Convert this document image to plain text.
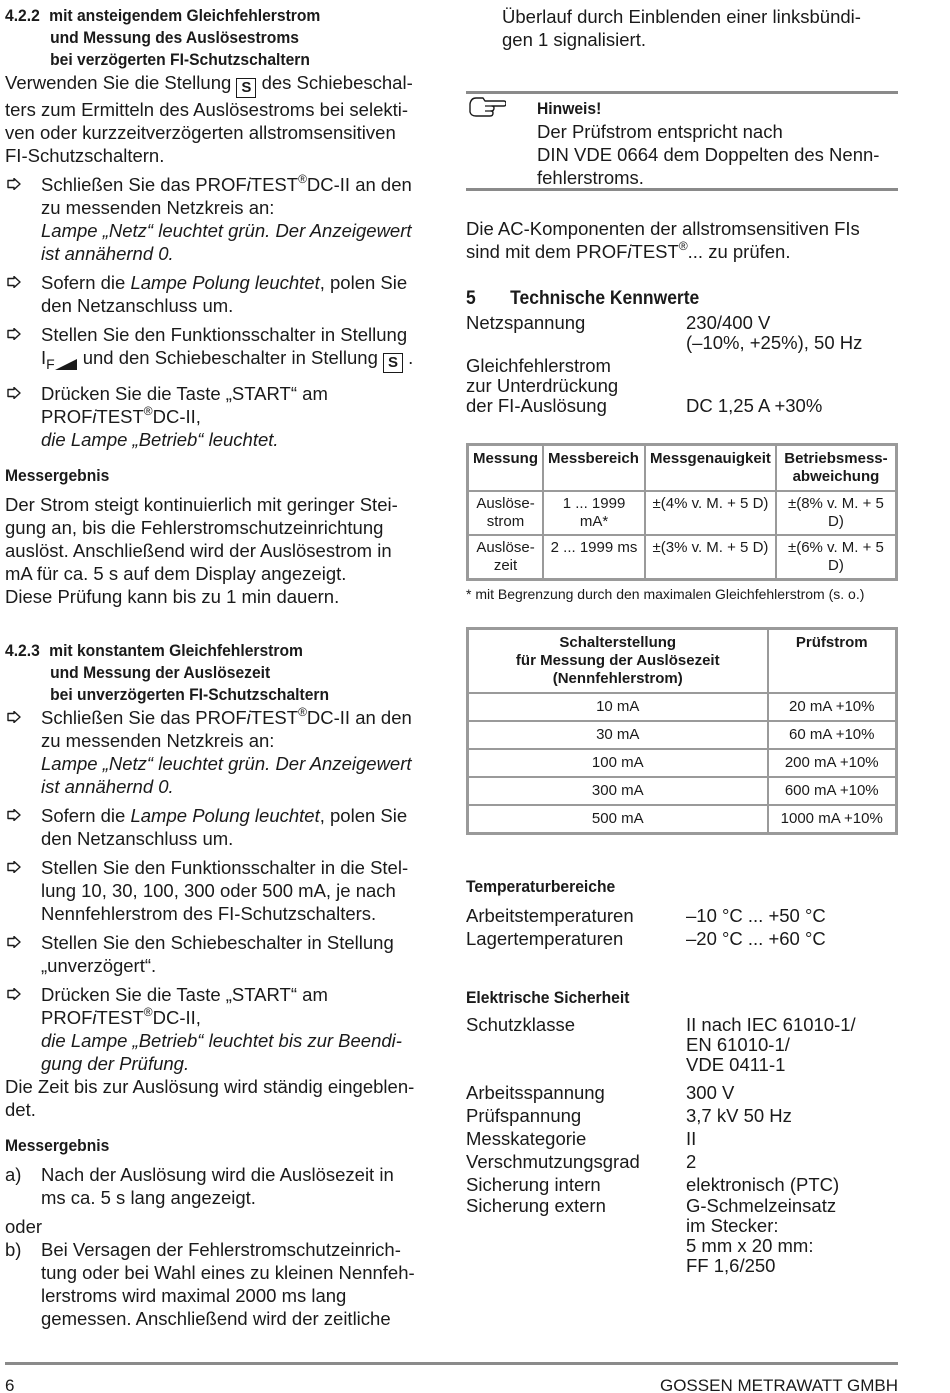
4.2.2 mit ansteigendem Gleichfehlerstrom
und Messung des Auslösestroms
bei verzögerten FI-Schutzschaltern

Verwenden Sie die Stellung S des Schiebeschal-
ters zum Ermitteln des Auslösestroms bei selekti-
ven oder kurzzeitverzögerten allstromsensitiven
FI-Schutzschaltern.

Schließen Sie das PROFiTEST®DC-II an den
zu messenden Netzkreis an:
Lampe „Netz“ leuchtet grün. Der Anzeigewert
ist annähernd 0.
Sofern die Lampe Polung leuchtet, polen Sie
den Netzanschluss um.
Stellen Sie den Funktionsschalter in Stellung
$I_F$ und den Schiebeschalter in Stellung S .
Drücken Sie die Taste „START“ am
PROFiTEST®DC-II,
die Lampe „Betrieb“ leuchtet.
Messergebnis

Der Strom steigt kontinuierlich mit geringer Stei-
gung an, bis die Fehlerstromschutzeinrichtung
auslöst. Anschließend wird der Auslösestrom in
mA für ca. 5 s auf dem Display angezeigt.
Diese Prüfung kann bis zu 1 min dauern.

4.2.3 mit konstantem Gleichfehlerstrom
und Messung der Auslösezeit
bei unverzögerten FI-Schutzschaltern
Schließen Sie das PROFiTEST®DC-II an den
zu messenden Netzkreis an:
Lampe „Netz“ leuchtet grün. Der Anzeigewert
ist annähernd 0.
Sofern die Lampe Polung leuchtet, polen Sie
den Netzanschluss um.
Stellen Sie den Funktionsschalter in die Stel-
lung 10, 30, 100, 300 oder 500 mA, je nach
Nennfehlerstrom des FI-Schutzschalters.
Stellen Sie den Schiebeschalter in Stellung
„unverzögert“.
Drücken Sie die Taste „START“ am
PROFiTEST®DC-II,
die Lampe „Betrieb“ leuchtet bis zur Beendi-
gung der Prüfung.

Die Zeit bis zur Auslösung wird ständig eingeblen-
det.

Messergebnis
a) Nach der Auslösung wird die Auslösezeit in
ms ca. 5 s lang angezeigt.

oder

b) Bei Versagen der Fehlerstromschutzeinrich-
tung oder bei Wahl eines zu kleinen Nennfeh-
lerstroms wird maximal 2000 ms lang
gemessen. Anschließend wird der zeitliche
Überlauf durch Einblenden einer linksbündi-
gen 1 signalisiert.
Hinweis!
Der Prüfstrom entspricht nach
DIN VDE 0664 dem Doppelten des Nenn-
fehlerstroms.

Die AC-Komponenten der allstromsensitiven FIs
sind mit dem PROFiTEST®... zu prüfen.

5 Technische Kennwerte
Netzspannung	230/400 V
(–10%, +25%), 50 Hz
Gleichfehlerstrom
zur Unterdrückung
der FI-Auslösung	DC 1,25 A +30%
Messung	Messbereich	Messgenauigkeit	Betriebsmess-
abweichung
Auslöse-
strom	1 ... 1999 mA*	±(4% v. M. + 5 D)	±(8% v. M. + 5 D)
Auslöse-
zeit	2 ... 1999 ms	±(3% v. M. + 5 D)	±(6% v. M. + 5 D)
* mit Begrenzung durch den maximalen Gleichfehlerstrom (s. o.)
Schalterstellung
für Messung der Auslösezeit
(Nennfehlerstrom)	Prüfstrom
10 mA	20 mA +10%
30 mA	60 mA +10%
100 mA	200 mA +10%
300 mA	600 mA +10%
500 mA	1000 mA +10%
Temperaturbereiche
Arbeitstemperaturen	–10 °C ... +50 °C
Lagertemperaturen	–20 °C ... +60 °C
Elektrische Sicherheit
Schutzklasse	II nach IEC 61010-1/
EN 61010-1/
VDE 0411-1
Arbeitsspannung	300 V
Prüfspannung	3,7 kV 50 Hz
Messkategorie	II
Verschmutzungsgrad 2
Sicherung intern	elektronisch (PTC)
Sicherung extern	G-Schmelzeinsatz
im Stecker:
5 mm x 20 mm:
FF 1,6/250
6	GOSSEN METRAWATT GMBH
